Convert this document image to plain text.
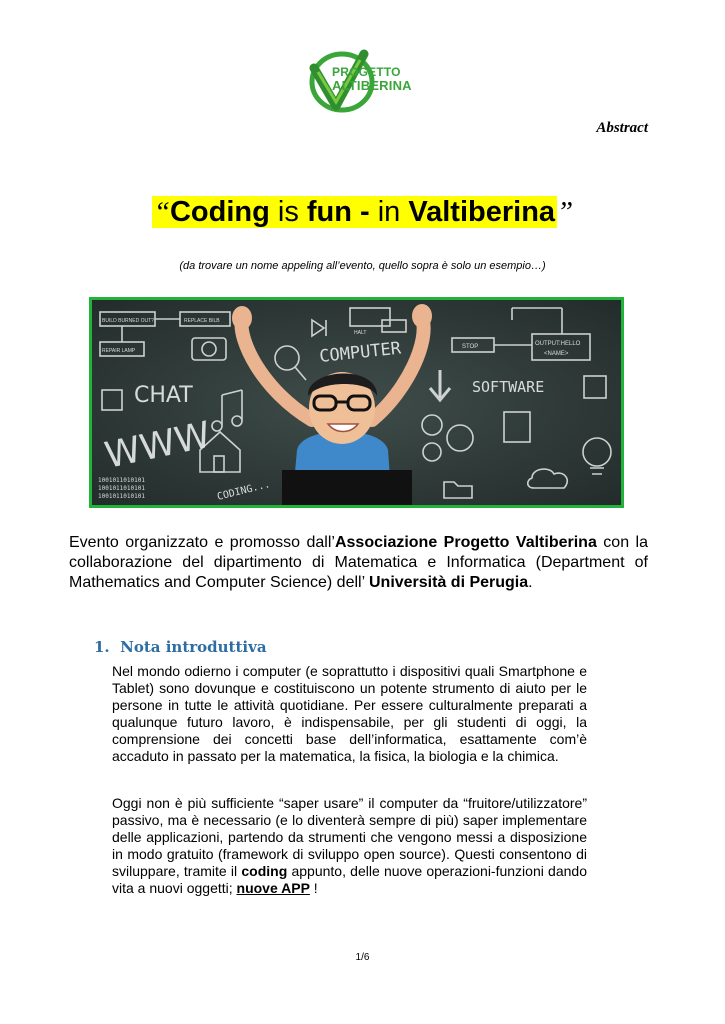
PROGETTO
ALTIBERINA
Abstract
“Coding is fun - in Valtiberina”
(da trovare un nome appeling all’evento, quello sopra è solo un esempio…)
BUILD BURNED OUT?	REPLACE BILB
REPAIR LAMP
HALT
COMPUTER
CHAT
WWW
SOFTWARE
STOP	OUTPUT:HELLO
<NAME>
CODING...
1001011010101
1001011010101
1001011010101
Evento organizzato e promosso dall’Associazione Progetto Valtiberina con la collaborazione del dipartimento di Matematica e Informatica (Department of Mathematics and Computer Science) dell’ Università di Perugia.
1. Nota introduttiva
Nel mondo odierno i computer (e soprattutto i dispositivi quali Smartphone e Tablet) sono dovunque e costituiscono un potente strumento di aiuto per le persone in tutte le attività quotidiane. Per essere culturalmente preparati a qualunque futuro lavoro, è indispensabile, per gli studenti di oggi, la comprensione dei concetti base dell’informatica, esattamente com’è accaduto in passato per la matematica, la fisica, la biologia e la chimica.
Oggi non è più sufficiente “saper usare” il computer da “fruitore/utilizzatore” passivo, ma è necessario (e lo diventerà sempre di più) saper implementare delle applicazioni, partendo da strumenti che vengono messi a disposizione in modo gratuito (framework di sviluppo open source). Questi consentono di sviluppare, tramite il coding appunto, delle nuove operazioni-funzioni dando vita a nuovi oggetti; nuove APP !
1/6
